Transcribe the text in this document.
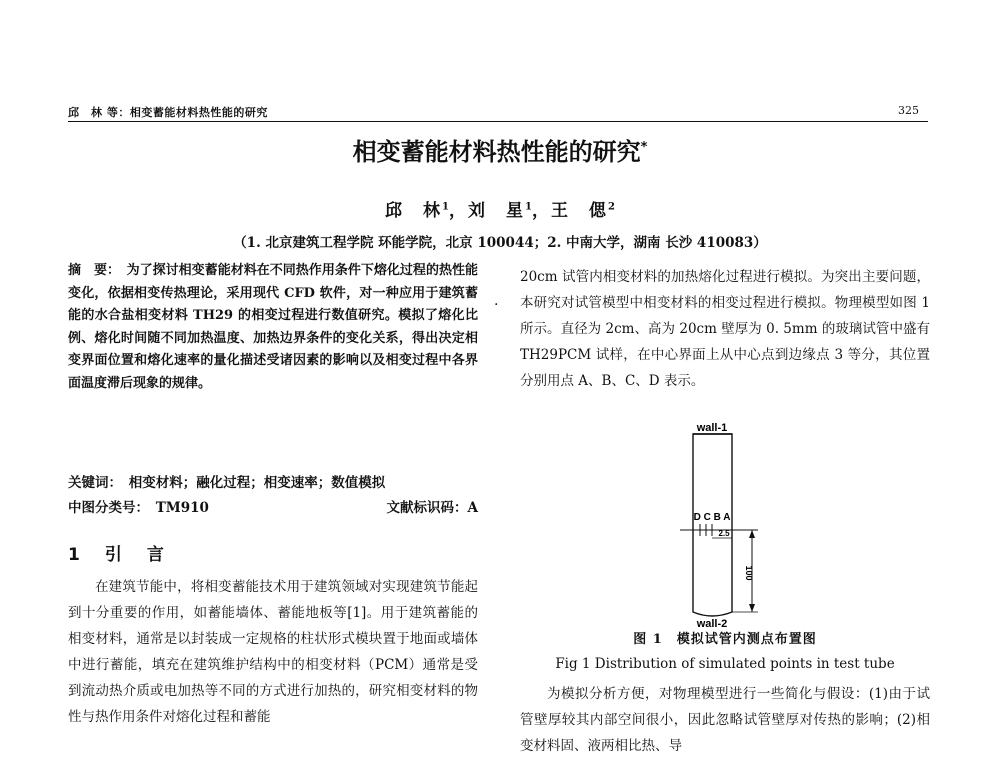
邱　林 等：相变蓄能材料热性能的研究	325
相变蓄能材料热性能的研究*
邱　林$^1$，刘　星$^1$，王　偲$^2$
（1. 北京建筑工程学院 环能学院，北京 100044；2. 中南大学，湖南 长沙 410083）
摘　要：　为了探讨相变蓄能材料在不同热作用条件下熔化过程的热性能变化，依据相变传热理论，采用现代 CFD 软件，对一种应用于建筑蓄能的水合盐相变材料 TH29 的相变过程进行数值研究。模拟了熔化比例、熔化时间随不同加热温度、加热边界条件的变化关系，得出决定相变界面位置和熔化速率的量化描述受诸因素的影响以及相变过程中各界面温度滞后现象的规律。
关键词：　相变材料；融化过程；相变速率；数值模拟
中图分类号：　TM910	文献标识码：A
1　引　言
在建筑节能中，将相变蓄能技术用于建筑领域对实现建筑节能起到十分重要的作用，如蓄能墙体、蓄能地板等[1]。用于建筑蓄能的相变材料，通常是以封装成一定规格的柱状形式模块置于地面或墙体中进行蓄能，填充在建筑维护结构中的相变材料（PCM）通常是受到流动热介质或电加热等不同的方式进行加热的，研究相变材料的物性与热作用条件对熔化过程和蓄能
.
20cm 试管内相变材料的加热熔化过程进行模拟。为突出主要问题，本研究对试管模型中相变材料的相变过程进行模拟。物理模型如图 1 所示。直径为 2cm、高为 20cm 壁厚为 0. 5mm 的玻璃试管中盛有 TH29PCM 试样，在中心界面上从中心点到边缘点 3 等分，其位置分别用点 A、B、C、D 表示。
wall-1
D C B A
2.5
100
wall-2
图 1　模拟试管内测点布置图
Fig 1 Distribution of simulated points in test tube
为模拟分析方便，对物理模型进行一些简化与假设：(1)由于试管壁厚较其内部空间很小，因此忽略试管壁厚对传热的影响；(2)相变材料固、液两相比热、导
